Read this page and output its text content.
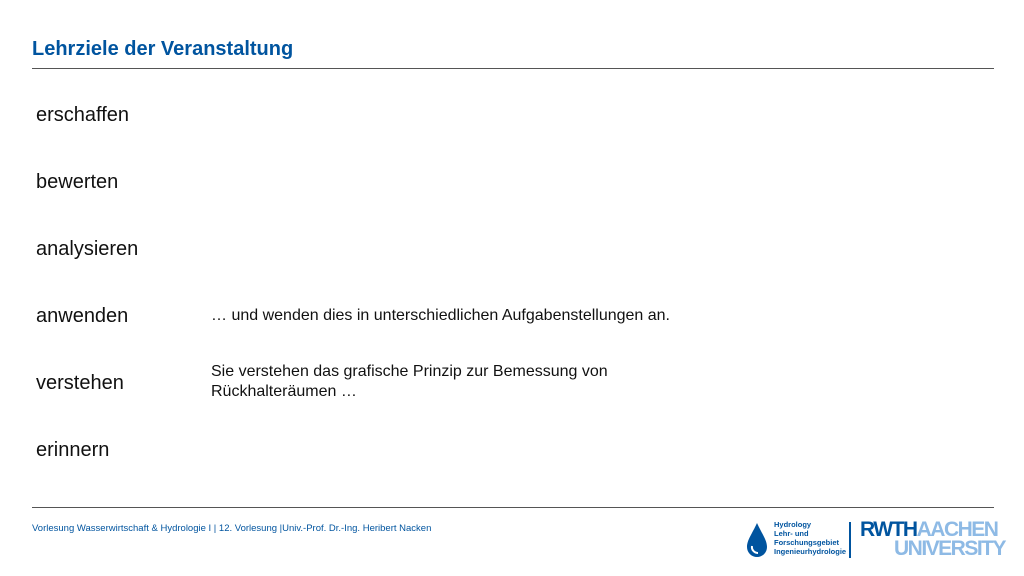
Lehrziele der Veranstaltung
erschaffen
bewerten
analysieren
anwenden
verstehen
erinnern
… und wenden dies in unterschiedlichen Aufgabenstellungen an.
Sie verstehen das grafische Prinzip zur Bemessung von Rückhalteräumen …
Vorlesung Wasserwirtschaft & Hydrologie I | 12. Vorlesung |Univ.-Prof. Dr.-Ing. Heribert Nacken	Hydrology
Lehr- und
Forschungsgebiet
Ingenieurhydrologie
RWTHAACHEN
UNIVERSITY
